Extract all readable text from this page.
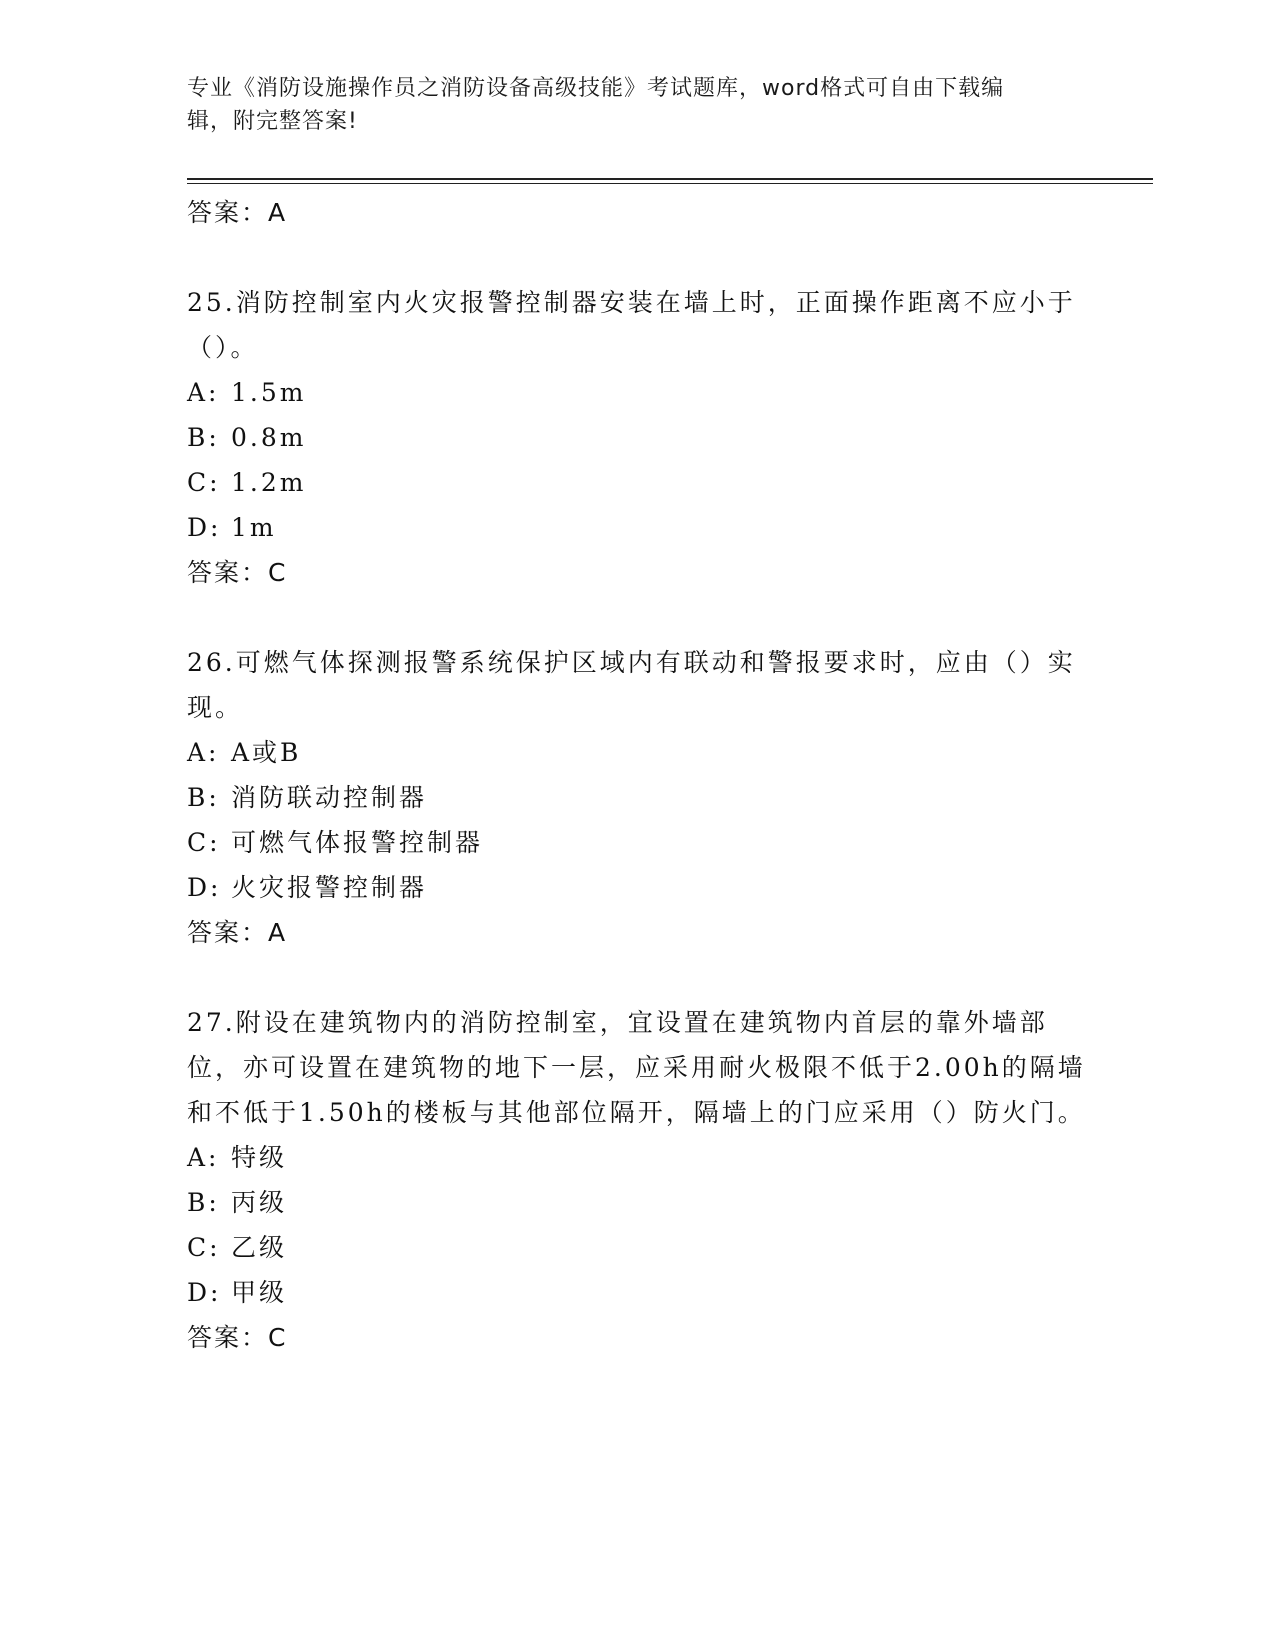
专业《消防设施操作员之消防设备高级技能》考试题库，word格式可自由下载编
辑，附完整答案!
答案：A
25.消防控制室内火灾报警控制器安装在墙上时，正面操作距离不应小于（）。
A: 1.5m
B: 0.8m
C: 1.2m
D: 1m
答案：C
26.可燃气体探测报警系统保护区域内有联动和警报要求时，应由（）实现。
A: A或B
B: 消防联动控制器
C: 可燃气体报警控制器
D: 火灾报警控制器
答案：A
27.附设在建筑物内的消防控制室，宜设置在建筑物内首层的靠外墙部位，亦可设置在建筑物的地下一层，应采用耐火极限不低于2.00h的隔墙和不低于1.50h的楼板与其他部位隔开，隔墙上的门应采用（）防火门。
A: 特级
B: 丙级
C: 乙级
D: 甲级
答案：C
